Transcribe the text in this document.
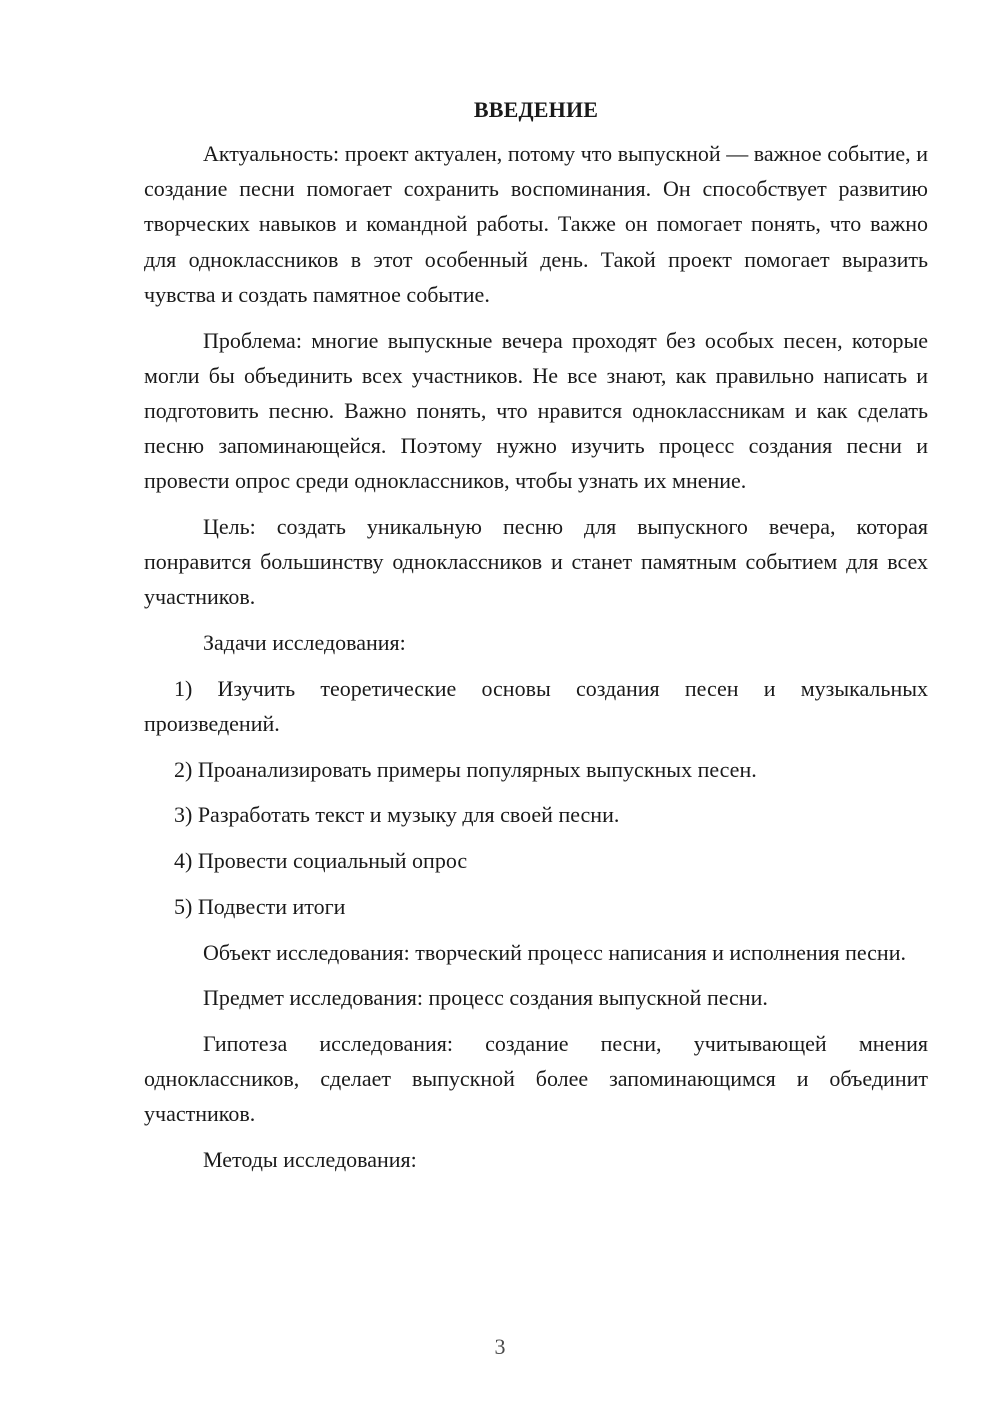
ВВЕДЕНИЕ

Актуальность: проект актуален, потому что выпускной — важное событие, и создание песни помогает сохранить воспоминания. Он способствует развитию творческих навыков и командной работы. Также он помогает понять, что важно для одноклассников в этот особенный день. Такой проект помогает выразить чувства и создать памятное событие.

Проблема: многие выпускные вечера проходят без особых песен, которые могли бы объединить всех участников. Не все знают, как правильно написать и подготовить песню. Важно понять, что нравится одноклассникам и как сделать песню запоминающейся. Поэтому нужно изучить процесс создания песни и провести опрос среди одноклассников, чтобы узнать их мнение.

Цель: создать уникальную песню для выпускного вечера, которая понравится большинству одноклассников и станет памятным событием для всех участников.

Задачи исследования:

1) Изучить теоретические основы создания песен и музыкальных произведений.

2) Проанализировать примеры популярных выпускных песен.

3) Разработать текст и музыку для своей песни.

4) Провести социальный опрос

5) Подвести итоги

Объект исследования: творческий процесс написания и исполнения песни.

Предмет исследования: процесс создания выпускной песни.

Гипотеза исследования: создание песни, учитывающей мнения одноклассников, сделает выпускной более запоминающимся и объединит участников.

Методы исследования:

3
